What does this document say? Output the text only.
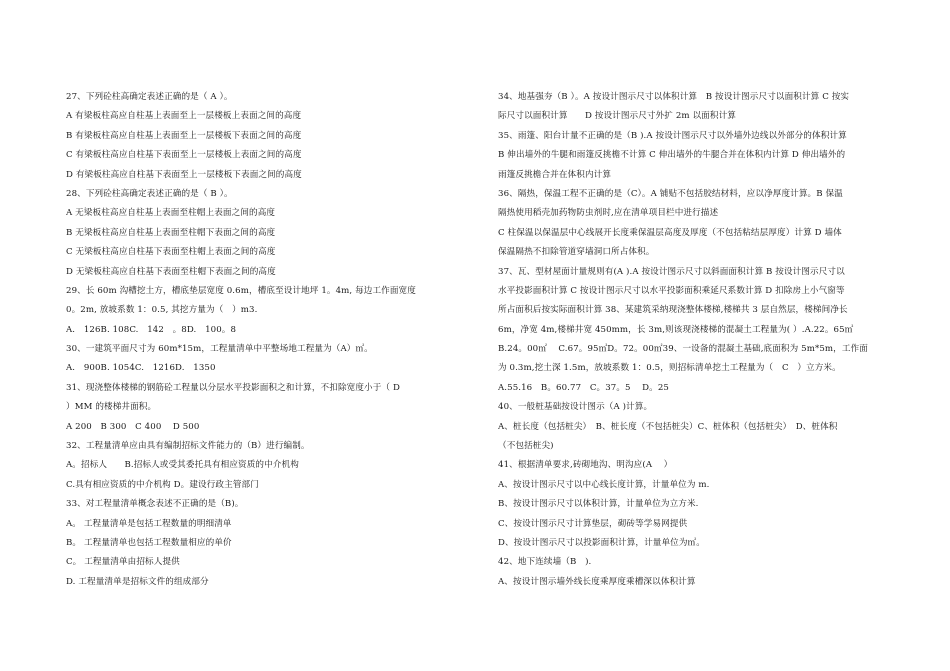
27、下列砼柱高确定表述正确的是（ A ）。
A 有梁板柱高应自柱基上表面至上一层楼板上表面之间的高度
B 有梁板柱高应自柱基上表面至上一层楼板下表面之间的高度
C 有梁板柱高应自柱基下表面至上一层楼板上表面之间的高度
D 有梁板柱高应自柱基下表面至上一层楼板下表面之间的高度
28、下列砼柱高确定表述正确的是（ B ）。
A 无梁板柱高应自柱基上表面至柱帽上表面之间的高度
B 无梁板柱高应自柱基上表面至柱帽下表面之间的高度
C 无梁板柱高应自柱基下表面至柱帽上表面之间的高度
D 无梁板柱高应自柱基下表面至柱帽下表面之间的高度
29、长 60m 沟槽挖土方，槽底垫层宽度 0.6m，槽底至设计地坪 1。4m, 每边工作面宽度
0。2m, 放坡系数 1：0.5, 其挖方量为（　）m3.
A.　126B. 108C.　142　。8D.　100。8
30、一建筑平面尺寸为 60m*15m，工程量清单中平整场地工程量为（A）㎡。
A.　900B. 1054C.　1216D.　1350
31、现浇整体楼梯的钢筋砼工程量以分层水平投影面积之和计算，不扣除宽度小于（ D
）MM 的楼梯井面积。
A 200　B 300　C 400　 D 500
32、工程量清单应由具有编制招标文件能力的（B）进行编制。
A。招标人　　B.招标人或受其委托具有相应资质的中介机构
C.具有相应资质的中介机构 D。建设行政主管部门
33、对工程量清单概念表述不正确的是（B)。
A。 工程量清单是包括工程数量的明细清单
B。 工程量清单也包括工程数量相应的单价
C。 工程量清单由招标人提供
D. 工程量清单是招标文件的组成部分
34、地基强夯（B ）。A 按设计图示尺寸以体积计算　B 按设计图示尺寸以面积计算 C 按实
际尺寸以面积计算　　D 按设计图示尺寸外扩 2m 以面积计算
35、雨篷、阳台计量不正确的是（B ).A 按设计图示尺寸以外墙外边线以外部分的体积计算
B 伸出墙外的牛腿和雨篷反挑檐不计算 C 伸出墙外的牛腿合并在体积内计算 D 伸出墙外的
雨篷反挑檐合并在体积内计算
36、隔热，保温工程不正确的是（C）。A 铺贴不包括胶结材料，应以净厚度计算。B 保温
隔热使用稻壳加药物防虫剂时,应在清单项目栏中进行描述
C 柱保温以保温层中心线展开长度乘保温层高度及厚度（不包括粘结层厚度）计算 D 墙体
保温隔热不扣除管道穿墙洞口所占体积。
37、瓦、型材屋面计量规则有(A ).A 按设计图示尺寸以斜面面积计算 B 按设计图示尺寸以
水平投影面积计算 C 按设计图示尺寸以水平投影面积乘延尺系数计算 D 扣除房上小气窗等
所占面积后按实际面积计算 38、某建筑采纳现浇整体楼梯,楼梯共 3 层自然层，楼梯间净长
6m，净宽 4m,楼梯井宽 450mm，长 3m,则该现浇楼梯的混凝土工程量为( ）.A.22。65㎡
B.24。00㎡　 C.67。95㎡D。72。00㎡39、一设备的混凝土基础,底面积为 5m*5m，工作面
为 0.3m,挖土深 1.5m，放坡系数 1：0.5，则招标清单挖土工程量为（　C　）立方米。
A.55.16　B。60.77　C。37。5　 D。25
40、一般桩基础按设计图示（A )计算。
A、桩长度（包括桩尖）　B、桩长度（不包括桩尖）C、桩体积（包括桩尖）　D、桩体积
（不包括桩尖)
41、根据清单要求,砖砌地沟、明沟应(A　 ）
A、按设计图示尺寸以中心线长度计算，计量单位为 m.
B、按设计图示尺寸以体积计算，计量单位为立方米.
C、按设计图示尺寸计算垫层，砌砖等学易网提供
D、按设计图示尺寸以投影面积计算，计量单位为㎡。
42、地下连续墙（B　).
A、按设计图示墙外线长度乘厚度乘槽深以体积计算
